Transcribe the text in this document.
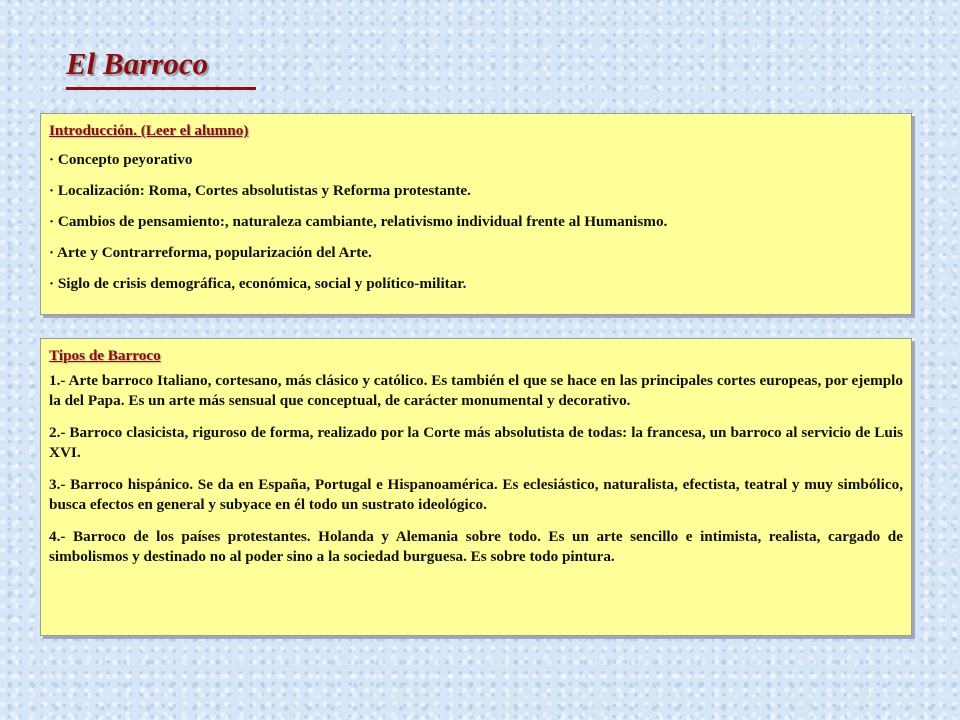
El Barroco

Introducción. (Leer el alumno)

· Concepto peyorativo

· Localización: Roma, Cortes absolutistas y Reforma protestante.

· Cambios de pensamiento:, naturaleza cambiante, relativismo individual frente al Humanismo.

· Arte y Contrarreforma, popularización del Arte.

· Siglo de crisis demográfica, económica, social y político-militar.

Tipos de Barroco

1.- Arte barroco Italiano, cortesano, más clásico y católico. Es también el que se hace en las principales cortes europeas, por ejemplo la del Papa. Es un arte más sensual que conceptual, de carácter monumental y decorativo.

2.- Barroco clasicista, riguroso de forma, realizado por la Corte más absolutista de todas: la francesa, un barroco al servicio de Luis XVI.

3.- Barroco hispánico. Se da en España, Portugal e Hispanoamérica. Es eclesiástico, naturalista, efectista, teatral y muy simbólico, busca efectos en general y subyace en él todo un sustrato ideológico.

4.- Barroco de los países protestantes. Holanda y Alemania sobre todo. Es un arte sencillo e intimista, realista, cargado de simbolismos y destinado no al poder sino a la sociedad burguesa. Es sobre todo pintura.
